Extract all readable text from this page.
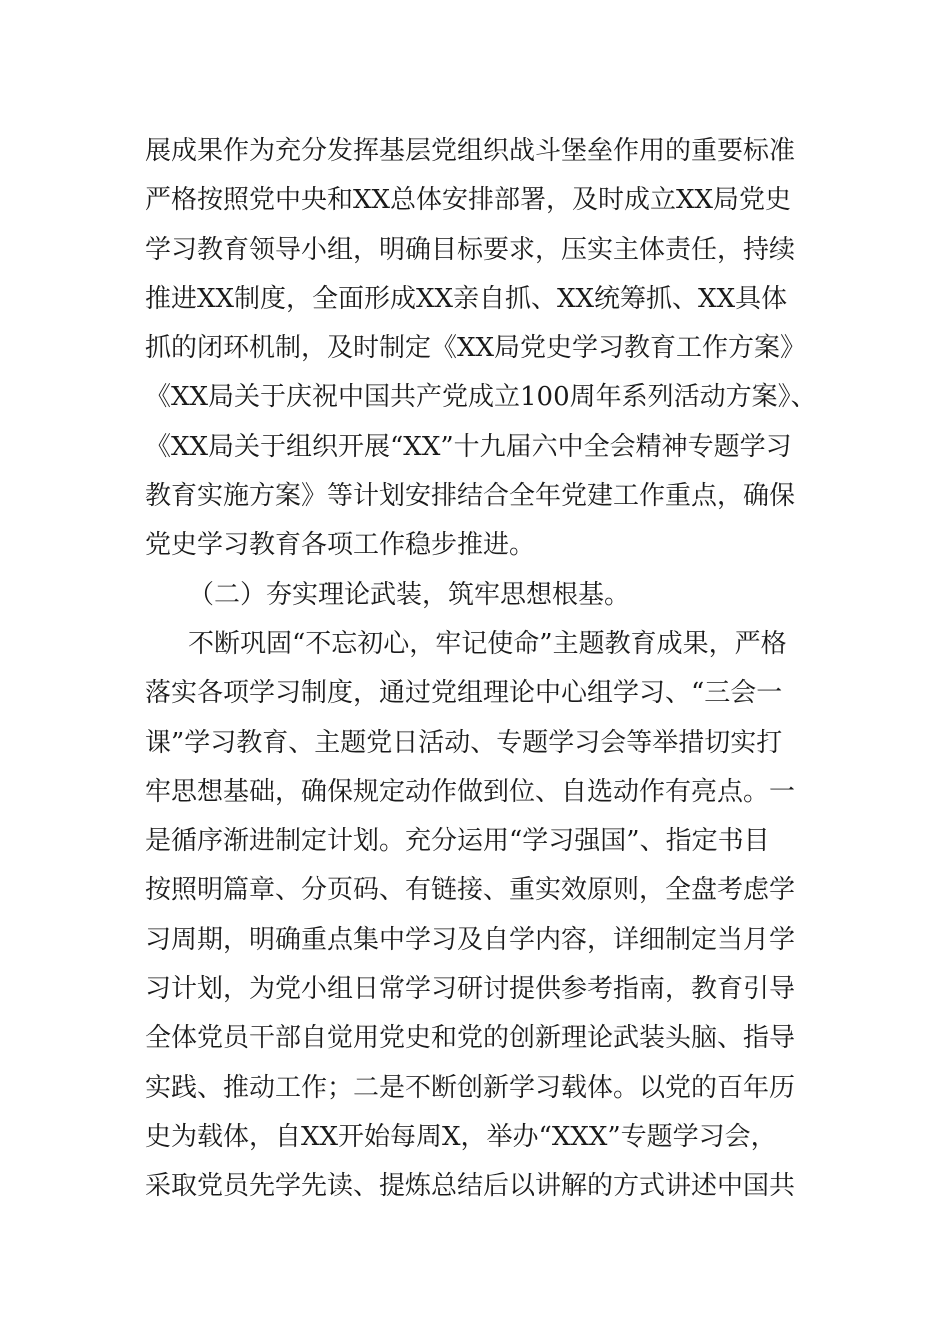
展成果作为充分发挥基层党组织战斗堡垒作用的重要标准
严格按照党中央和XX总体安排部署，及时成立XX局党史
学习教育领导小组，明确目标要求，压实主体责任，持续
推进XX制度，全面形成XX亲自抓、XX统筹抓、XX具体
抓的闭环机制，及时制定《XX局党史学习教育工作方案》
《XX局关于庆祝中国共产党成立100周年系列活动方案》、
《XX局关于组织开展“XX”十九届六中全会精神专题学习
教育实施方案》等计划安排结合全年党建工作重点，确保
党史学习教育各项工作稳步推进。
（二）夯实理论武装，筑牢思想根基。
不断巩固“不忘初心，牢记使命”主题教育成果，严格
落实各项学习制度，通过党组理论中心组学习、“三会一
课”学习教育、主题党日活动、专题学习会等举措切实打
牢思想基础，确保规定动作做到位、自选动作有亮点。一
是循序渐进制定计划。充分运用“学习强国”、指定书目
按照明篇章、分页码、有链接、重实效原则，全盘考虑学
习周期，明确重点集中学习及自学内容，详细制定当月学
习计划，为党小组日常学习研讨提供参考指南，教育引导
全体党员干部自觉用党史和党的创新理论武装头脑、指导
实践、推动工作；二是不断创新学习载体。以党的百年历
史为载体，自XX开始每周X，举办“XXX”专题学习会，
采取党员先学先读、提炼总结后以讲解的方式讲述中国共
